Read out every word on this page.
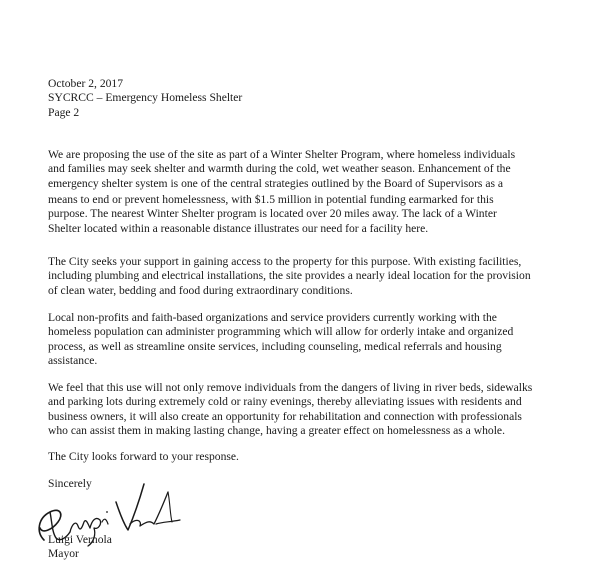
October 2, 2017
SYCRCC – Emergency Homeless Shelter
Page 2
We are proposing the use of the site as part of a Winter Shelter Program, where homeless individuals
and families may seek shelter and warmth during the cold, wet weather season. Enhancement of the
emergency shelter system is one of the central strategies outlined by the Board of Supervisors as a
means to end or prevent homelessness, with $1.5 million in potential funding earmarked for this
purpose. The nearest Winter Shelter program is located over 20 miles away. The lack of a Winter
Shelter located within a reasonable distance illustrates our need for a facility here.
The City seeks your support in gaining access to the property for this purpose. With existing facilities,
including plumbing and electrical installations, the site provides a nearly ideal location for the provision
of clean water, bedding and food during extraordinary conditions.
Local non-profits and faith-based organizations and service providers currently working with the
homeless population can administer programming which will allow for orderly intake and organized
process, as well as streamline onsite services, including counseling, medical referrals and housing
assistance.
We feel that this use will not only remove individuals from the dangers of living in river beds, sidewalks
and parking lots during extremely cold or rainy evenings, thereby alleviating issues with residents and
business owners, it will also create an opportunity for rehabilitation and connection with professionals
who can assist them in making lasting change, having a greater effect on homelessness as a whole.
The City looks forward to your response.
Sincerely
Luigi Vernola
Mayor
